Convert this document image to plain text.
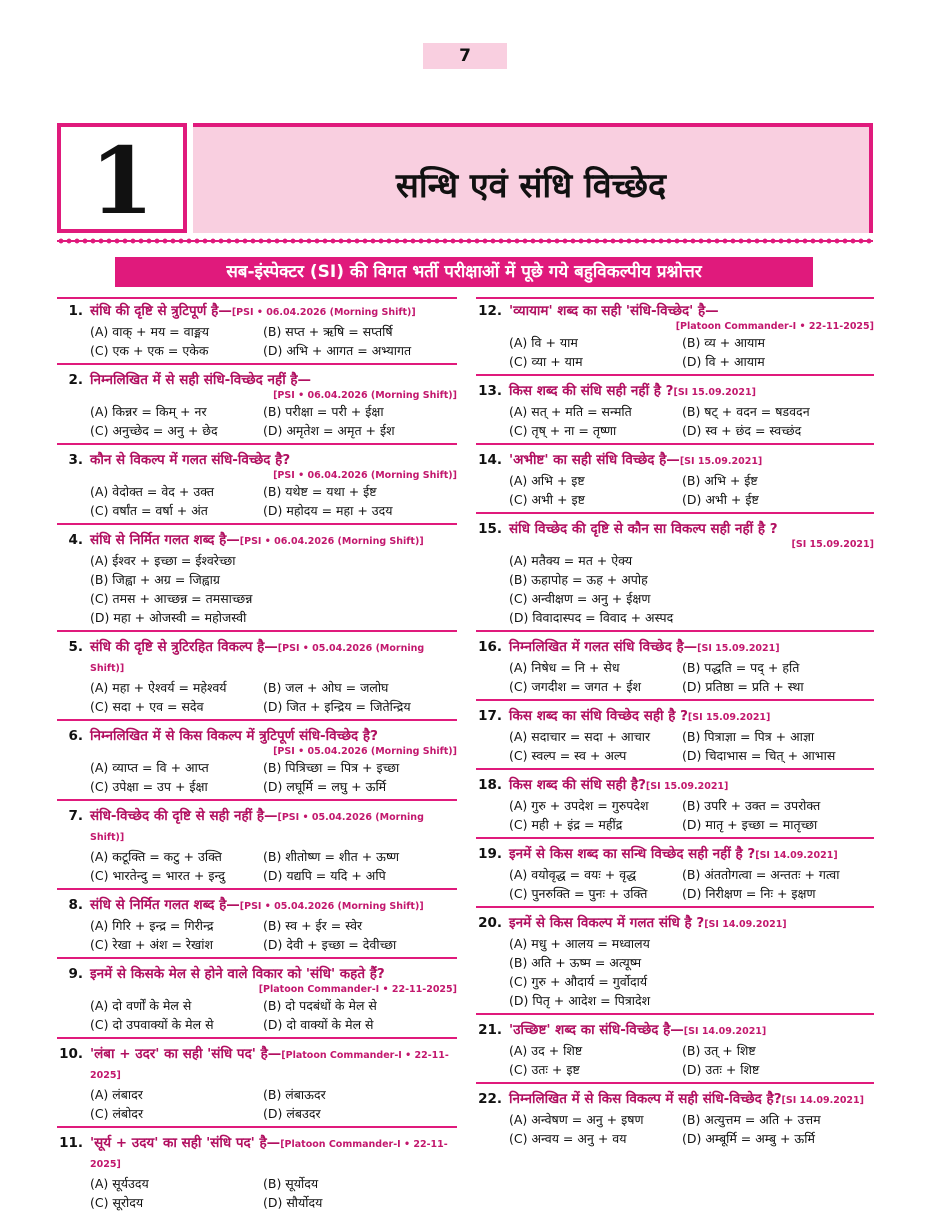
7
1	सन्धि एवं संधि विच्छेद
सब-इंस्पेक्टर (SI) की विगत भर्ती परीक्षाओं में पूछे गये बहुविकल्पीय प्रश्नोत्तर
1. संधि की दृष्टि से त्रुटिपूर्ण है—[PSI • 06.04.2026 (Morning Shift)]
(A) वाक् + मय = वाङ्मय	(B) सप्त + ऋषि = सप्तर्षि
(C) एक + एक = एकेक	(D) अभि + आगत = अभ्यागत
2. निम्नलिखित में से सही संधि-विच्छेद नहीं है—
[PSI • 06.04.2026 (Morning Shift)]
(A) किन्नर = किम् + नर	(B) परीक्षा = परी + ईक्षा
(C) अनुच्छेद = अनु + छेद	(D) अमृतेश = अमृत + ईश
3. कौन से विकल्प में गलत संधि-विच्छेद है?
[PSI • 06.04.2026 (Morning Shift)]
(A) वेदोक्त = वेद + उक्त	(B) यथेष्ट = यथा + ईष्ट
(C) वर्षांत = वर्षा + अंत	(D) महोदय = महा + उदय
4. संधि से निर्मित गलत शब्द है—[PSI • 06.04.2026 (Morning Shift)]
(A) ईश्वर + इच्छा = ईश्वरेच्छा
(B) जिह्वा + अग्र = जिह्वाग्र
(C) तमस + आच्छन्न = तमसाच्छन्न
(D) महा + ओजस्वी = महोजस्वी
5. संधि की दृष्टि से त्रुटिरहित विकल्प है—[PSI • 05.04.2026 (Morning Shift)]
(A) महा + ऐश्वर्य = महेश्वर्य	(B) जल + ओघ = जलोघ
(C) सदा + एव = सदेव	(D) जित + इन्द्रिय = जितेन्द्रिय
6. निम्नलिखित में से किस विकल्प में त्रुटिपूर्ण संधि-विच्छेद है?
[PSI • 05.04.2026 (Morning Shift)]
(A) व्याप्त = वि + आप्त	(B) पित्रिच्छा = पित्र + इच्छा
(C) उपेक्षा = उप + ईक्षा	(D) लघूर्मि = लघु + ऊर्मि
7. संधि-विच्छेद की दृष्टि से सही नहीं है—[PSI • 05.04.2026 (Morning Shift)]
(A) कटूक्ति = कटु + उक्ति	(B) शीतोष्ण = शीत + ऊष्ण
(C) भारतेन्दु = भारत + इन्दु	(D) यद्यपि = यदि + अपि
8. संधि से निर्मित गलत शब्द है—[PSI • 05.04.2026 (Morning Shift)]
(A) गिरि + इन्द्र = गिरीन्द्र	(B) स्व + ईर = स्वेर
(C) रेखा + अंश = रेखांश	(D) देवी + इच्छा = देवीच्छा
9. इनमें से किसके मेल से होने वाले विकार को 'संधि' कहते हैं?
[Platoon Commander-I • 22-11-2025]
(A) दो वर्णों के मेल से	(B) दो पदबंधों के मेल से
(C) दो उपवाक्यों के मेल से	(D) दो वाक्यों के मेल से
10. 'लंबा + उदर' का सही 'संधि पद' है—[Platoon Commander-I • 22-11-2025]
(A) लंबादर	(B) लंबाऊदर
(C) लंबोदर	(D) लंबउदर
11. 'सूर्य + उदय' का सही 'संधि पद' है—[Platoon Commander-I • 22-11-2025]
(A) सूर्यउदय	(B) सूर्योदय
(C) सूरोदय	(D) सौर्योदय
12. 'व्यायाम' शब्द का सही 'संधि-विच्छेद' है—
[Platoon Commander-I • 22-11-2025]
(A) वि + याम	(B) व्य + आयाम
(C) व्या + याम	(D) वि + आयाम
13. किस शब्द की संधि सही नहीं है ?[SI 15.09.2021]
(A) सत् + मति = सन्मति	(B) षट् + वदन = षडवदन
(C) तृष् + ना = तृष्णा	(D) स्व + छंद = स्वच्छंद
14. 'अभीष्ट' का सही संधि विच्छेद है—[SI 15.09.2021]
(A) अभि + इष्ट	(B) अभि + ईष्ट
(C) अभी + इष्ट	(D) अभी + ईष्ट
15. संधि विच्छेद की दृष्टि से कौन सा विकल्प सही नहीं है ?
[SI 15.09.2021]
(A) मतैक्य = मत + ऐक्य
(B) ऊहापोह = ऊह + अपोह
(C) अन्वीक्षण = अनु + ईक्षण
(D) विवादास्पद = विवाद + अस्पद
16. निम्नलिखित में गलत संधि विच्छेद है—[SI 15.09.2021]
(A) निषेध = नि + सेध	(B) पद्धति = पद् + हति
(C) जगदीश = जगत + ईश	(D) प्रतिष्ठा = प्रति + स्था
17. किस शब्द का संधि विच्छेद सही है ?[SI 15.09.2021]
(A) सदाचार = सदा + आचार	(B) पित्राज्ञा = पित्र + आज्ञा
(C) स्वल्प = स्व + अल्प	(D) चिदाभास = चित् + आभास
18. किस शब्द की संधि सही है?[SI 15.09.2021]
(A) गुरु + उपदेश = गुरुपदेश	(B) उपरि + उक्त = उपरोक्त
(C) मही + इंद्र = महींद्र	(D) मातृ + इच्छा = मातृच्छा
19. इनमें से किस शब्द का सन्धि विच्छेद सही नहीं है ?[SI 14.09.2021]
(A) वयोवृद्ध = वयः + वृद्ध	(B) अंततोगत्वा = अन्ततः + गत्वा
(C) पुनरुक्ति = पुनः + उक्ति	(D) निरीक्षण = निः + इक्षण
20. इनमें से किस विकल्प में गलत संधि है ?[SI 14.09.2021]
(A) मधु + आलय = मध्वालय
(B) अति + ऊष्म = अत्यूष्म
(C) गुरु + औदार्य = गुर्वोदार्य
(D) पितृ + आदेश = पित्रादेश
21. 'उच्छिष्ट' शब्द का संधि-विच्छेद है—[SI 14.09.2021]
(A) उद + शिष्ट	(B) उत् + शिष्ट
(C) उतः + इष्ट	(D) उतः + शिष्ट
22. निम्नलिखित में से किस विकल्प में सही संधि-विच्छेद है?[SI 14.09.2021]
(A) अन्वेषण = अनु + इषण	(B) अत्युत्तम = अति + उत्तम
(C) अन्वय = अनु + वय	(D) अम्बूर्मि = अम्बु + ऊर्मि
